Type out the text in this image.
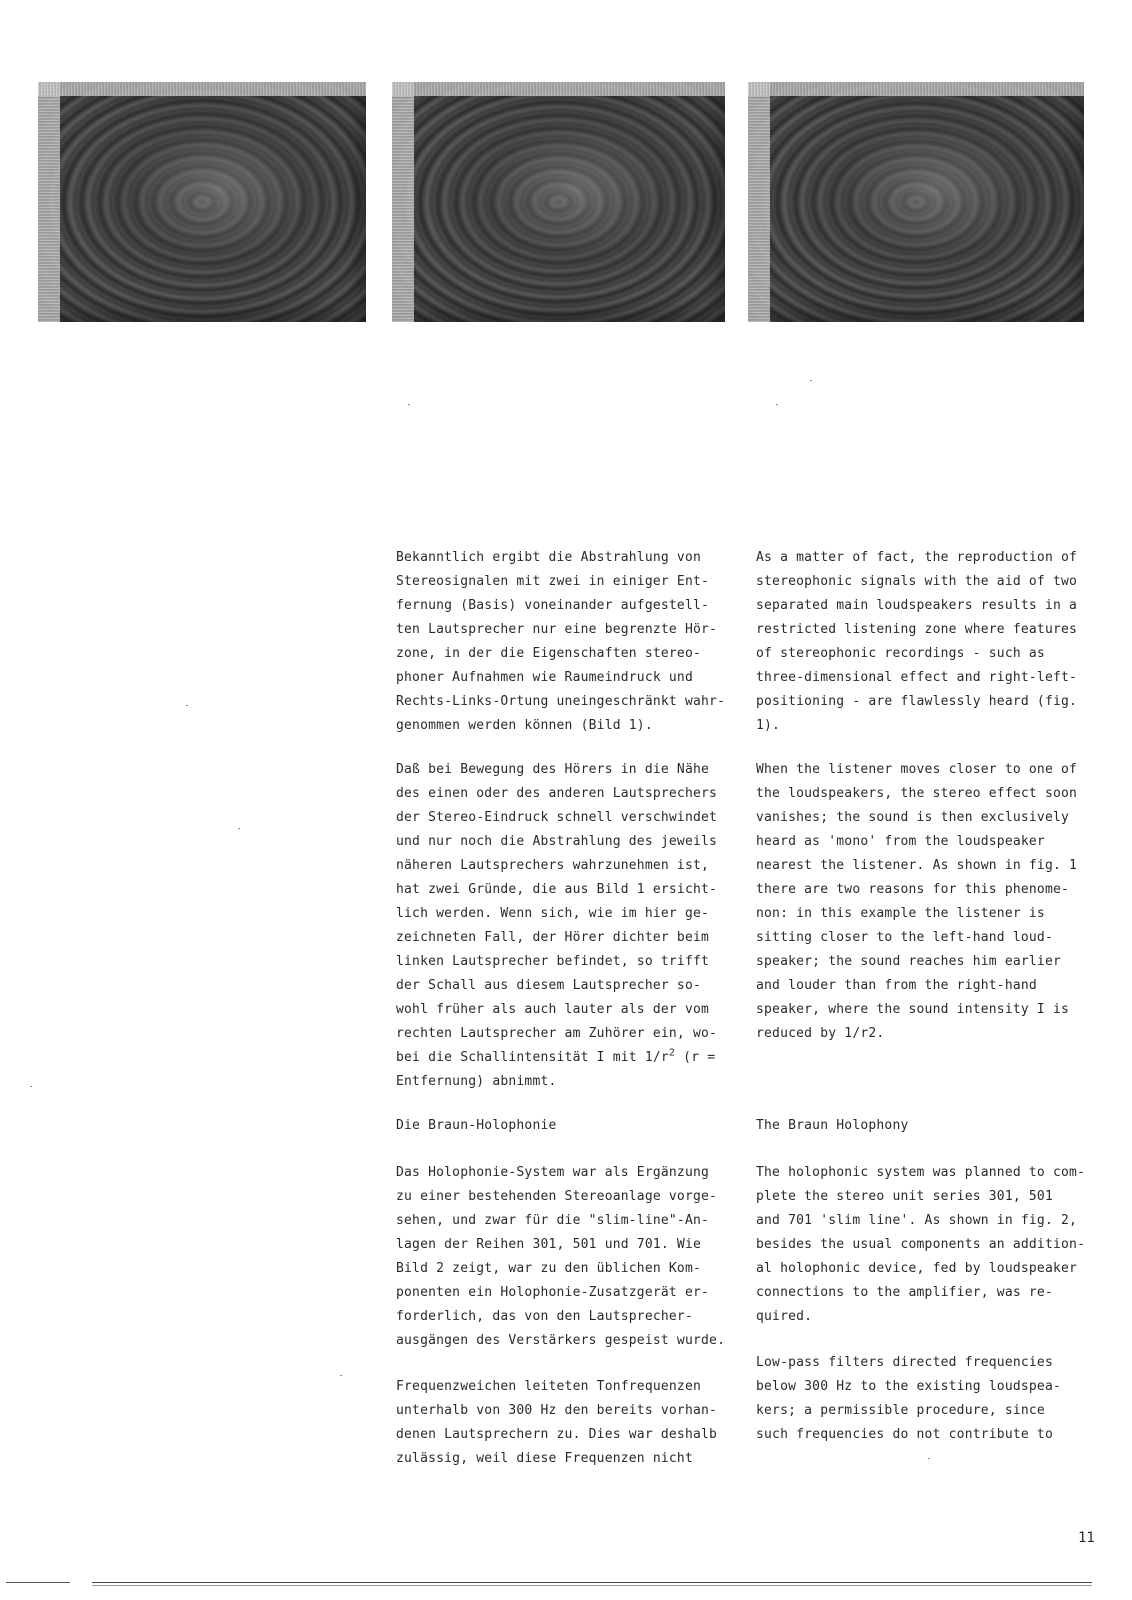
Bekanntlich ergibt die Abstrahlung von
Stereosignalen mit zwei in einiger Ent-
fernung (Basis) voneinander aufgestell-
ten Lautsprecher nur eine begrenzte Hör-
zone, in der die Eigenschaften stereo-
phoner Aufnahmen wie Raumeindruck und
Rechts-Links-Ortung uneingeschränkt wahr-
genommen werden können (Bild 1).

Daß bei Bewegung des Hörers in die Nähe
des einen oder des anderen Lautsprechers
der Stereo-Eindruck schnell verschwindet
und nur noch die Abstrahlung des jeweils
näheren Lautsprechers wahrzunehmen ist,
hat zwei Gründe, die aus Bild 1 ersicht-
lich werden. Wenn sich, wie im hier ge-
zeichneten Fall, der Hörer dichter beim
linken Lautsprecher befindet, so trifft
der Schall aus diesem Lautsprecher so-
wohl früher als auch lauter als der vom
rechten Lautsprecher am Zuhörer ein, wo-
bei die Schallintensität I mit $1/r^2$ (r =
Entfernung) abnimmt.

Die Braun-Holophonie

Das Holophonie-System war als Ergänzung
zu einer bestehenden Stereoanlage vorge-
sehen, und zwar für die "slim-line"-An-
lagen der Reihen 301, 501 und 701. Wie
Bild 2 zeigt, war zu den üblichen Kom-
ponenten ein Holophonie-Zusatzgerät er-
forderlich, das von den Lautsprecher-
ausgängen des Verstärkers gespeist wurde.

Frequenzweichen leiteten Tonfrequenzen
unterhalb von 300 Hz den bereits vorhan-
denen Lautsprechern zu. Dies war deshalb
zulässig, weil diese Frequenzen nicht

As a matter of fact, the reproduction of
stereophonic signals with the aid of two
separated main loudspeakers results in a
restricted listening zone where features
of stereophonic recordings - such as
three-dimensional effect and right-left-
positioning - are flawlessly heard (fig.
1).

When the listener moves closer to one of
the loudspeakers, the stereo effect soon
vanishes; the sound is then exclusively
heard as 'mono' from the loudspeaker
nearest the listener. As shown in fig. 1
there are two reasons for this phenome-
non: in this example the listener is
sitting closer to the left-hand loud-
speaker; the sound reaches him earlier
and louder than from the right-hand
speaker, where the sound intensity I is
reduced by 1/r2.

The Braun Holophony

The holophonic system was planned to com-
plete the stereo unit series 301, 501
and 701 'slim line'. As shown in fig. 2,
besides the usual components an addition-
al holophonic device, fed by loudspeaker
connections to the amplifier, was re-
quired.

Low-pass filters directed frequencies
below 300 Hz to the existing loudspea-
kers; a permissible procedure, since
such frequencies do not contribute to

11
